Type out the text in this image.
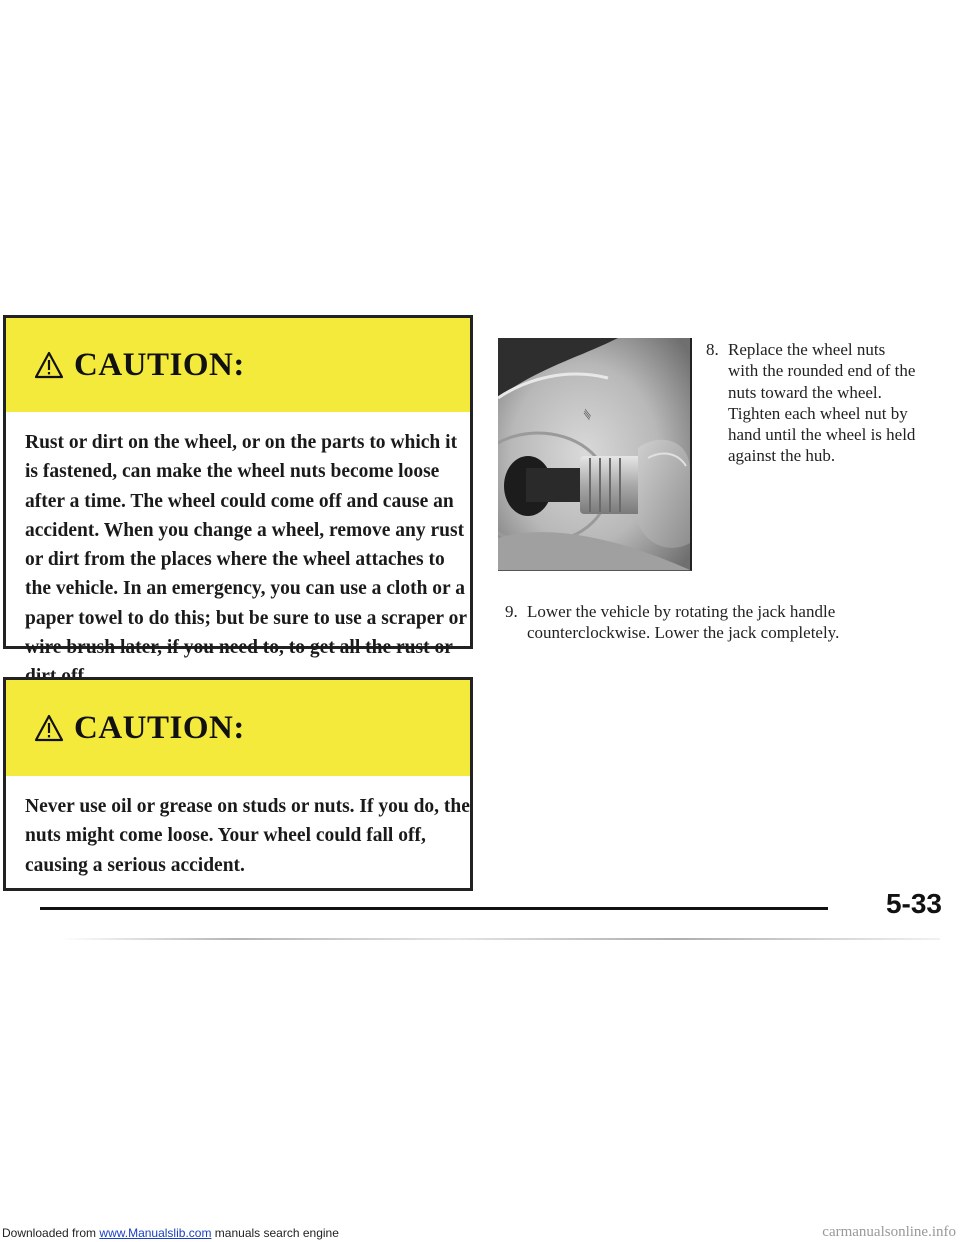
CAUTION:
Rust or dirt on the wheel, or on the parts to which it is fastened, can make the wheel nuts become loose after a time. The wheel could come off and cause an accident. When you change a wheel, remove any rust or dirt from the places where the wheel attaches to the vehicle. In an emergency, you can use a cloth or a paper towel to do this; but be sure to use a scraper or wire brush later, if you need to, to get all the rust or
CAUTION:
Never use oil or grease on studs or nuts. If you do, the nuts might come loose. Your wheel could fall off, causing a serious accident.
∕∕∕
8. Replace the wheel nuts with the rounded end of the nuts toward the wheel. Tighten each wheel nut by hand until the wheel is held against the hub.
9. Lower the vehicle by rotating the jack handle counterclockwise. Lower the jack completely.
5-33
Downloaded from www.Manualslib.com manuals search engine	carmanualsonline.info
